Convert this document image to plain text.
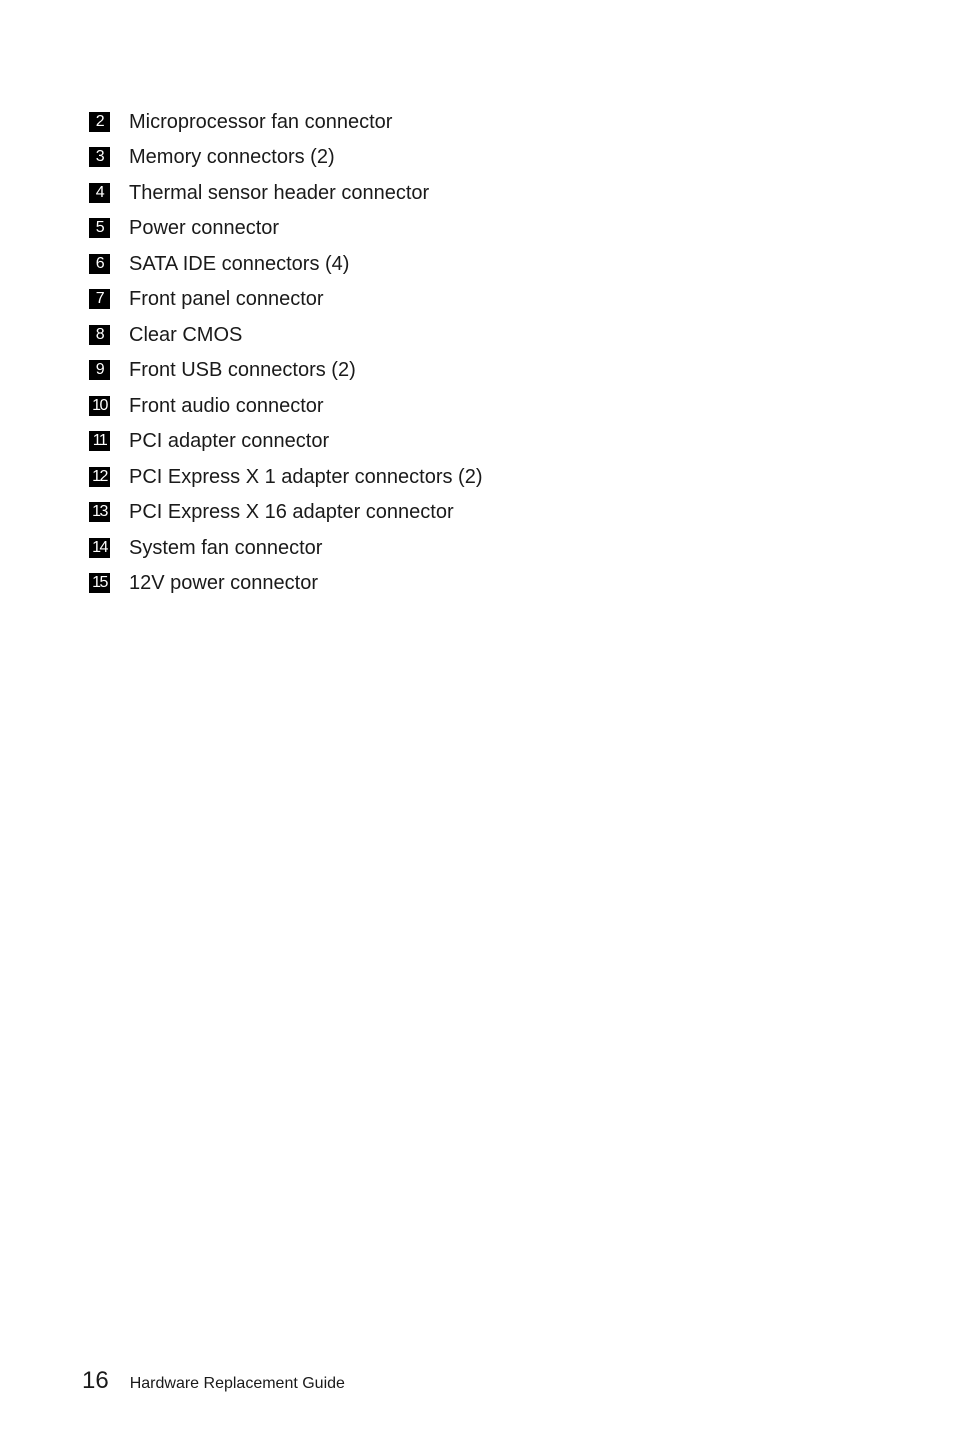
2	Microprocessor fan connector
3	Memory connectors (2)
4	Thermal sensor header connector
5	Power connector
6	SATA IDE connectors (4)
7	Front panel connector
8	Clear CMOS
9	Front USB connectors (2)
10 Front audio connector
11 PCI adapter connector
12 PCI Express X 1 adapter connectors (2)
13 PCI Express X 16 adapter connector
14 System fan connector
15 12V power connector
16 Hardware Replacement Guide
